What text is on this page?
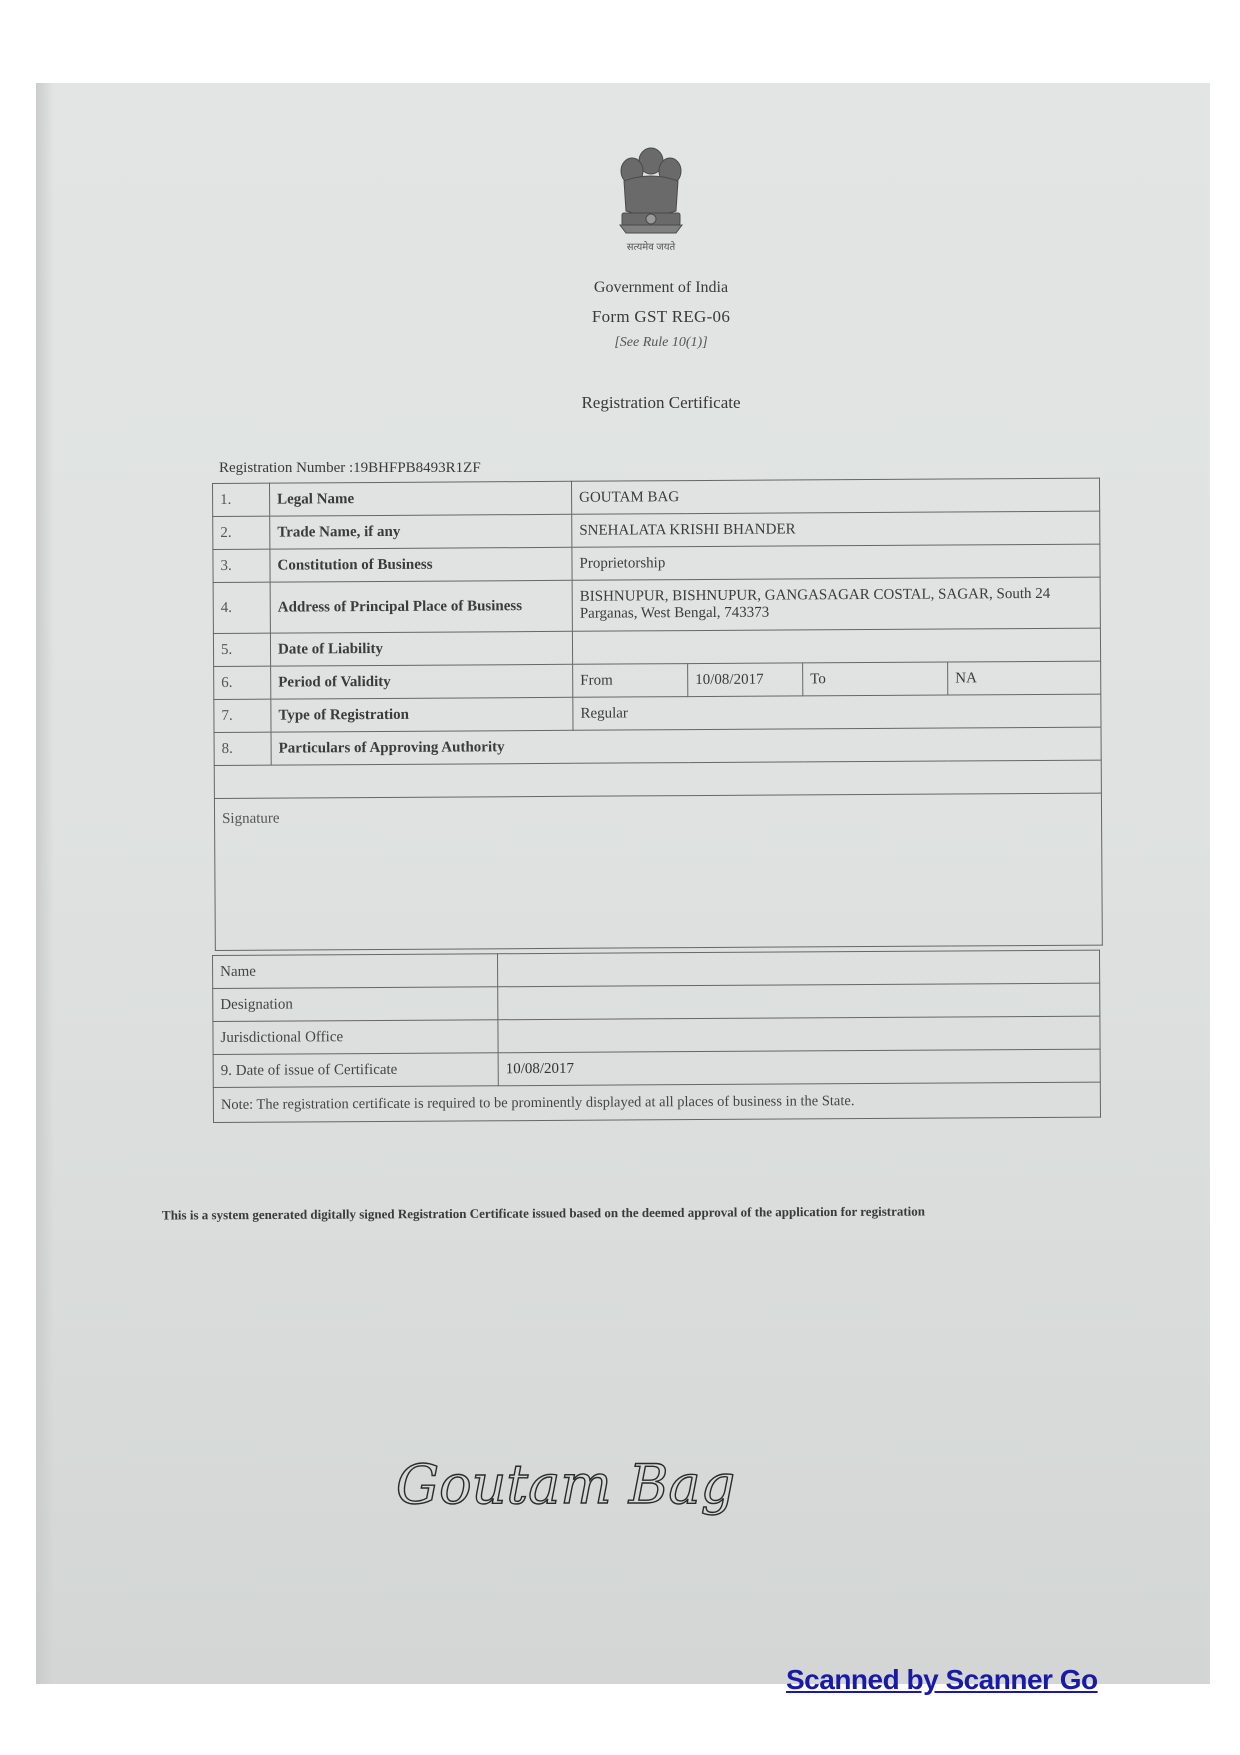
सत्यमेव जयते
Government of India
Form GST REG-06
[See Rule 10(1)]
Registration Certificate
Registration Number :19BHFPB8493R1ZF
1.	Legal Name	GOUTAM BAG			
2.	Trade Name, if any	SNEHALATA KRISHI BHANDER			
3.	Constitution of Business	Proprietorship			
4.	Address of Principal Place of Business	BISHNUPUR, BISHNUPUR, GANGASAGAR COSTAL, SAGAR, South 24 Parganas, West Bengal, 743373			
5.	Date of Liability				
6.	Period of Validity	From	10/08/2017	To	NA
7.	Type of Registration	Regular			
8.	Particulars of Approving Authority				

Signature					
Name	
Designation	
Jurisdictional Office	
9. Date of issue of Certificate	10/08/2017
Note: The registration certificate is required to be prominently displayed at all places of business in the State.	
This is a system generated digitally signed Registration Certificate issued based on the deemed approval of the application for registration
Goutam Bag
Scanned by Scanner Go
